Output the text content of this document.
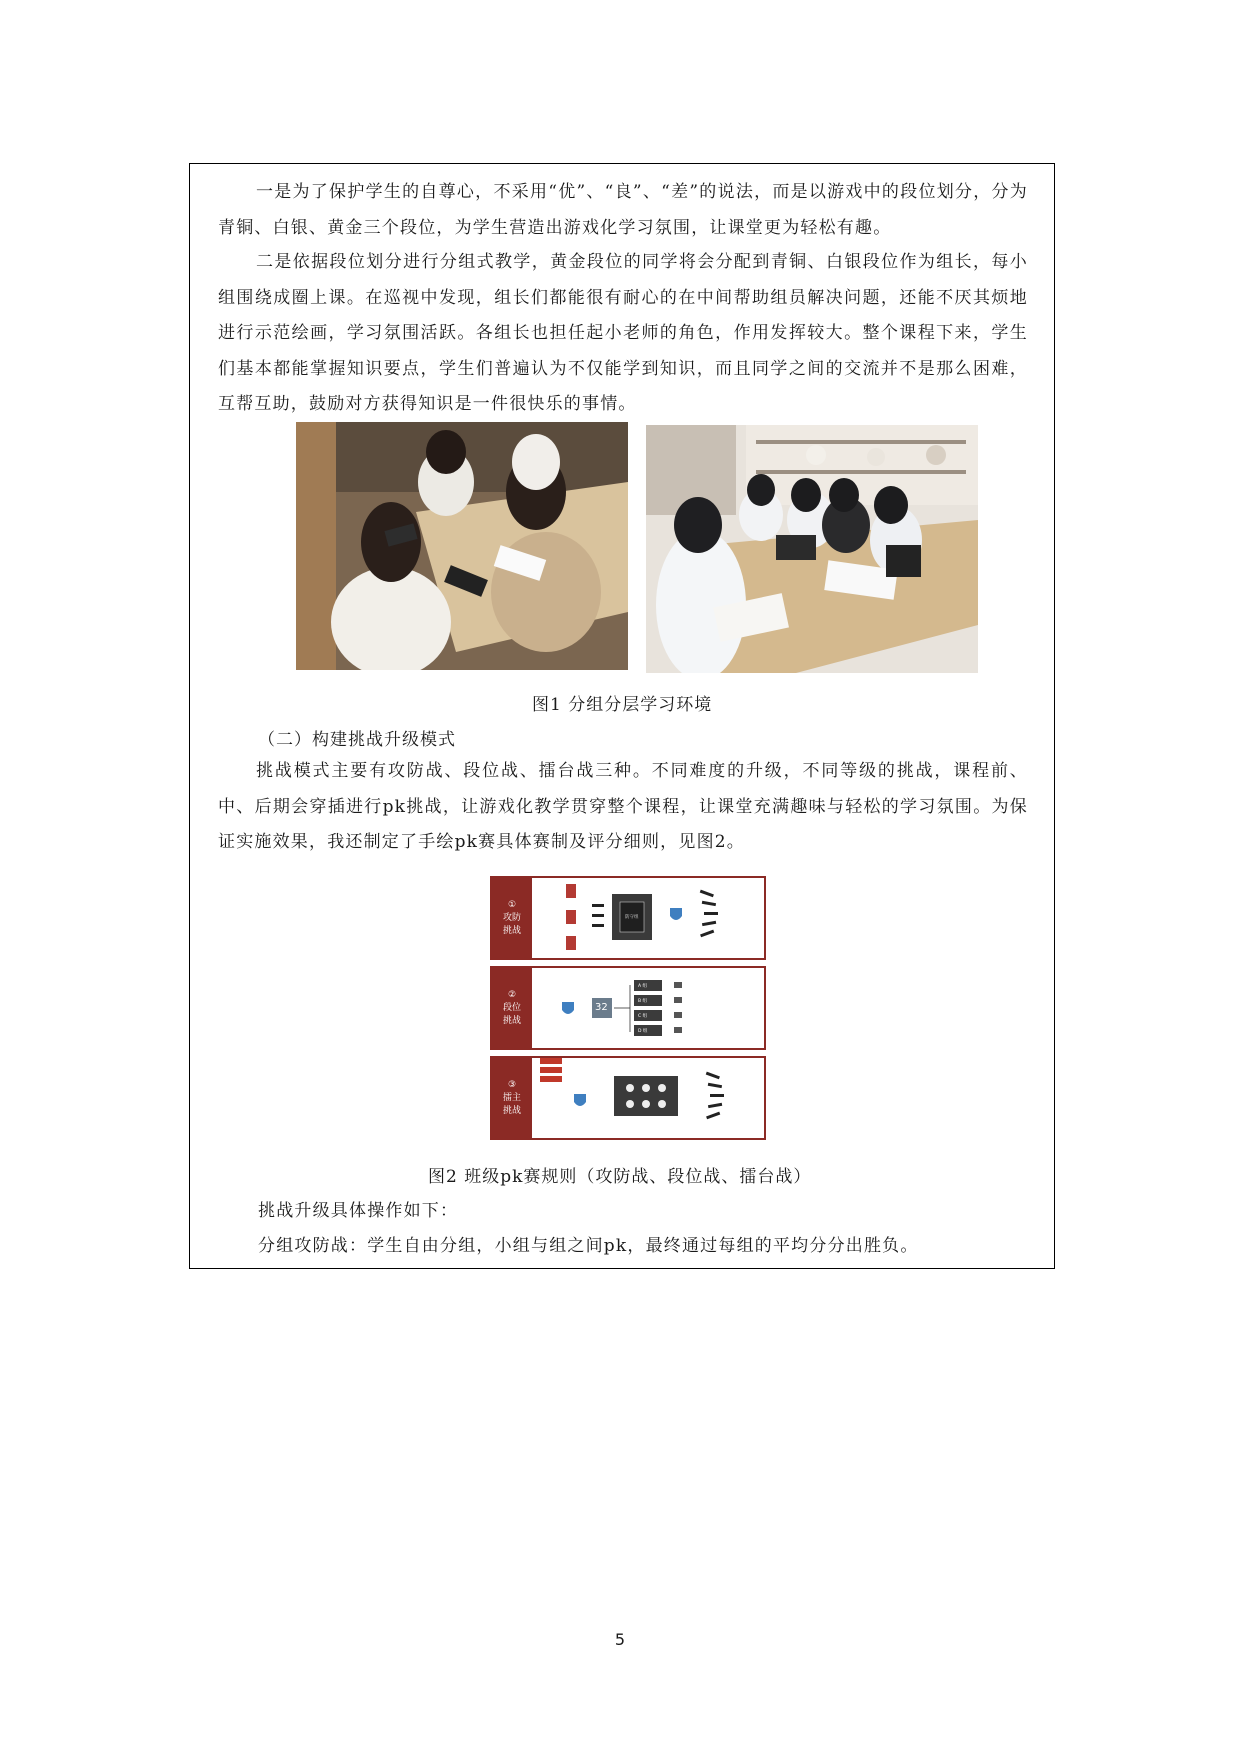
一是为了保护学生的自尊心，不采用“优”、“良”、“差”的说法，而是以游戏中的段位划分，分为青铜、白银、黄金三个段位，为学生营造出游戏化学习氛围，让课堂更为轻松有趣。

二是依据段位划分进行分组式教学，黄金段位的同学将会分配到青铜、白银段位作为组长，每小组围绕成圈上课。在巡视中发现，组长们都能很有耐心的在中间帮助组员解决问题，还能不厌其烦地进行示范绘画，学习氛围活跃。各组长也担任起小老师的角色，作用发挥较大。整个课程下来，学生们基本都能掌握知识要点，学生们普遍认为不仅能学到知识，而且同学之间的交流并不是那么困难，互帮互助，鼓励对方获得知识是一件很快乐的事情。

图1 分组分层学习环境
（二）构建挑战升级模式

挑战模式主要有攻防战、段位战、擂台战三种。不同难度的升级，不同等级的挑战，课程前、中、后期会穿插进行pk挑战，让游戏化教学贯穿整个课程，让课堂充满趣味与轻松的学习氛围。为保证实施效果，我还制定了手绘pk赛具体赛制及评分细则，见图2。

①
攻防
挑战
防守组
②
段位
挑战
32
A 组
B 组
C 组
D 组
③
擂主
挑战
图2 班级pk赛规则（攻防战、段位战、擂台战）

挑战升级具体操作如下：

分组攻防战：学生自由分组，小组与组之间pk，最终通过每组的平均分分出胜负。

5
